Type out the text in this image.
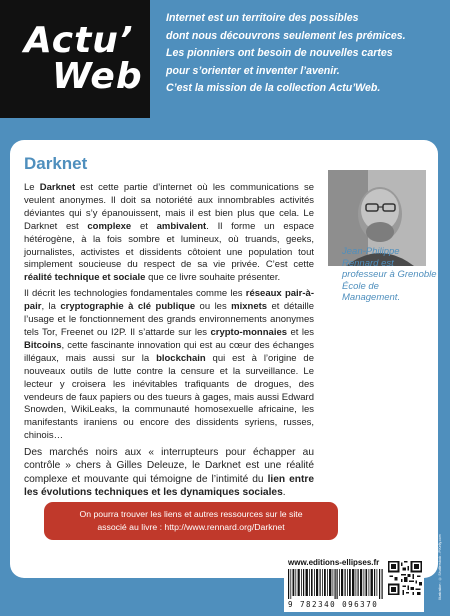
Actu’
Web
Internet est un territoire des possibles
dont nous découvrons seulement les prémices.
Les pionniers ont besoin de nouvelles cartes
pour s’orienter et inventer l’avenir.
C’est la mission de la collection Actu’Web.
Darknet

Le Darknet est cette partie d’internet où les communications se veulent anonymes. Il doit sa notoriété aux innombrables activités déviantes qui s’y épanouissent, mais il est bien plus que cela. Le Darknet est complexe et ambivalent. Il forme un espace hétérogène, à la fois sombre et lumineux, où truands, geeks, journalistes, activistes et dissidents côtoient une population tout simplement soucieuse du respect de sa vie privée. C’est cette réalité technique et sociale que ce livre souhaite présenter.

Il décrit les technologies fondamentales comme les réseaux pair-à-pair, la cryptographie à clé publique ou les mixnets et détaille l’usage et le fonctionnement des grands environnements anonymes tels Tor, Freenet ou I2P. Il s’attarde sur les crypto-monnaies et les Bitcoins, cette fascinante innovation qui est au cœur des échanges illégaux, mais aussi sur la blockchain qui est à l’origine de nouveaux outils de lutte contre la censure et la surveillance. Le lecteur y croisera les inévitables trafiquants de drogues, des vendeurs de faux papiers ou des tueurs à gages, mais aussi Edward Snowden, WikiLeaks, la communauté homosexuelle africaine, les manifestants iraniens ou encore des dissidents syriens, russes, chinois…

Des marchés noirs aux « interrupteurs pour échapper au contrôle » chers à Gilles Deleuze, le Darknet est une réalité complexe et mouvante qui témoigne de l’intimité du lien entre les évolutions techniques et les dynamiques sociales.

Jean-Philippe Rennard est professeur à Grenoble École de Management.
On pourra trouver les liens et autres ressources sur le site
associé au livre : http://www.rennard.org/Darknet
www.editions-ellipses.fr
9 782340 096370
Illustration : © Shutterstock - P.Kelly.com
